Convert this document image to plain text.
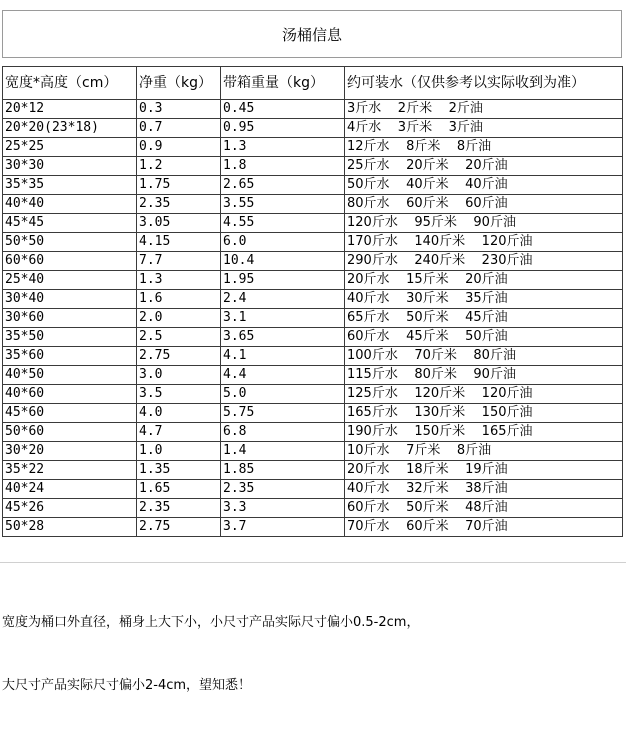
汤桶信息
宽度*高度（cm）	净重（kg）	带箱重量（kg）	约可装水（仅供参考以实际收到为准）
20*12	0.3	0.45	3斤水    2斤米    2斤油
20*20(23*18)	0.7	0.95	4斤水    3斤米    3斤油
25*25	0.9	1.3	12斤水    8斤米    8斤油
30*30	1.2	1.8	25斤水    20斤米    20斤油
35*35	1.75	2.65	50斤水    40斤米    40斤油
40*40	2.35	3.55	80斤水    60斤米    60斤油
45*45	3.05	4.55	120斤水    95斤米    90斤油
50*50	4.15	6.0	170斤水    140斤米    120斤油
60*60	7.7	10.4	290斤水    240斤米    230斤油
25*40	1.3	1.95	20斤水    15斤米    20斤油
30*40	1.6	2.4	40斤水    30斤米    35斤油
30*60	2.0	3.1	65斤水    50斤米    45斤油
35*50	2.5	3.65	60斤水    45斤米    50斤油
35*60	2.75	4.1	100斤水    70斤米    80斤油
40*50	3.0	4.4	115斤水    80斤米    90斤油
40*60	3.5	5.0	125斤水    120斤米    120斤油
45*60	4.0	5.75	165斤水    130斤米    150斤油
50*60	4.7	6.8	190斤水    150斤米    165斤油
30*20	1.0	1.4	10斤水    7斤米    8斤油
35*22	1.35	1.85	20斤水    18斤米    19斤油
40*24	1.65	2.35	40斤水    32斤米    38斤油
45*26	2.35	3.3	60斤水    50斤米    48斤油
50*28	2.75	3.7	70斤水    60斤米    70斤油

宽度为桶口外直径，桶身上大下小，小尺寸产品实际尺寸偏小0.5-2cm，

大尺寸产品实际尺寸偏小2-4cm，望知悉！
